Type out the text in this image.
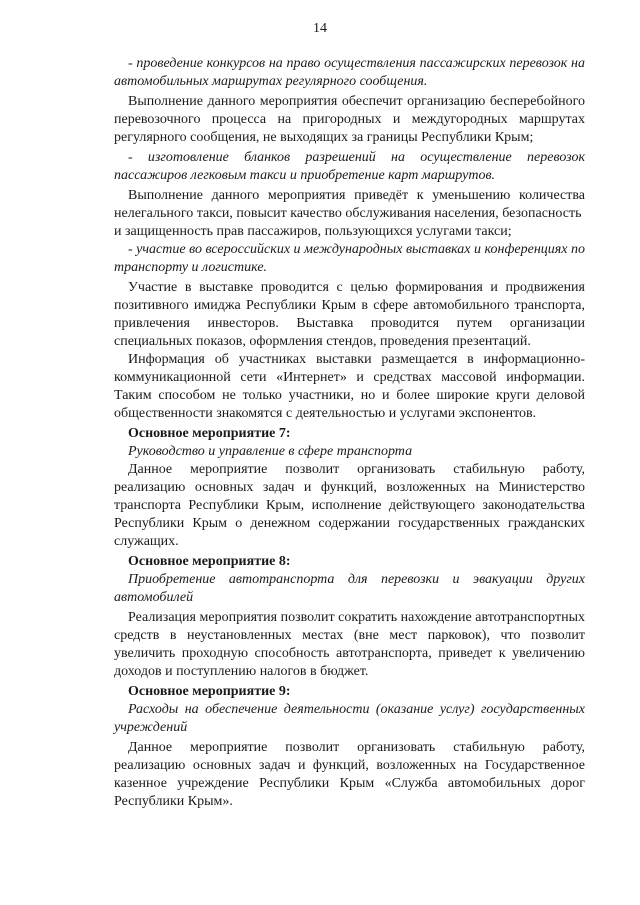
14

- проведение конкурсов на право осуществления пассажирских перевозок на автомобильных маршрутах регулярного сообщения.

Выполнение данного мероприятия обеспечит организацию бесперебойного перевозочного процесса на пригородных и междугородных маршрутах регулярного сообщения, не выходящих за границы Республики Крым;

- изготовление бланков разрешений на осуществление перевозок пассажиров легковым такси и приобретение карт маршрутов.

Выполнение данного мероприятия приведёт к уменьшению количества нелегального такси, повысит качество обслуживания населения, безопасность

и защищенность прав пассажиров, пользующихся услугами такси;

- участие во всероссийских и международных выставках и конференциях по транспорту и логистике.

Участие в выставке проводится с целью формирования и продвижения позитивного имиджа Республики Крым в сфере автомобильного транспорта, привлечения инвесторов. Выставка проводится путем организации специальных показов, оформления стендов, проведения презентаций.

Информация об участниках выставки размещается в информационно-коммуникационной сети «Интернет» и средствах массовой информации. Таким способом не только участники, но и более широкие круги деловой общественности знакомятся с деятельностью и услугами экспонентов.

Основное мероприятие 7:

Руководство и управление в сфере транспорта

Данное мероприятие позволит организовать стабильную работу, реализацию основных задач и функций, возложенных на Министерство транспорта Республики Крым, исполнение действующего законодательства Республики Крым о денежном содержании государственных гражданских служащих.

Основное мероприятие 8:

Приобретение автотранспорта для перевозки и эвакуации других автомобилей

Реализация мероприятия позволит сократить нахождение автотранспортных средств в неустановленных местах (вне мест парковок), что позволит увеличить проходную способность автотранспорта, приведет к увеличению доходов и поступлению налогов в бюджет.

Основное мероприятие 9:

Расходы на обеспечение деятельности (оказание услуг) государственных учреждений

Данное мероприятие позволит организовать стабильную работу, реализацию основных задач и функций, возложенных на Государственное казенное учреждение Республики Крым «Служба автомобильных дорог Республики Крым».
